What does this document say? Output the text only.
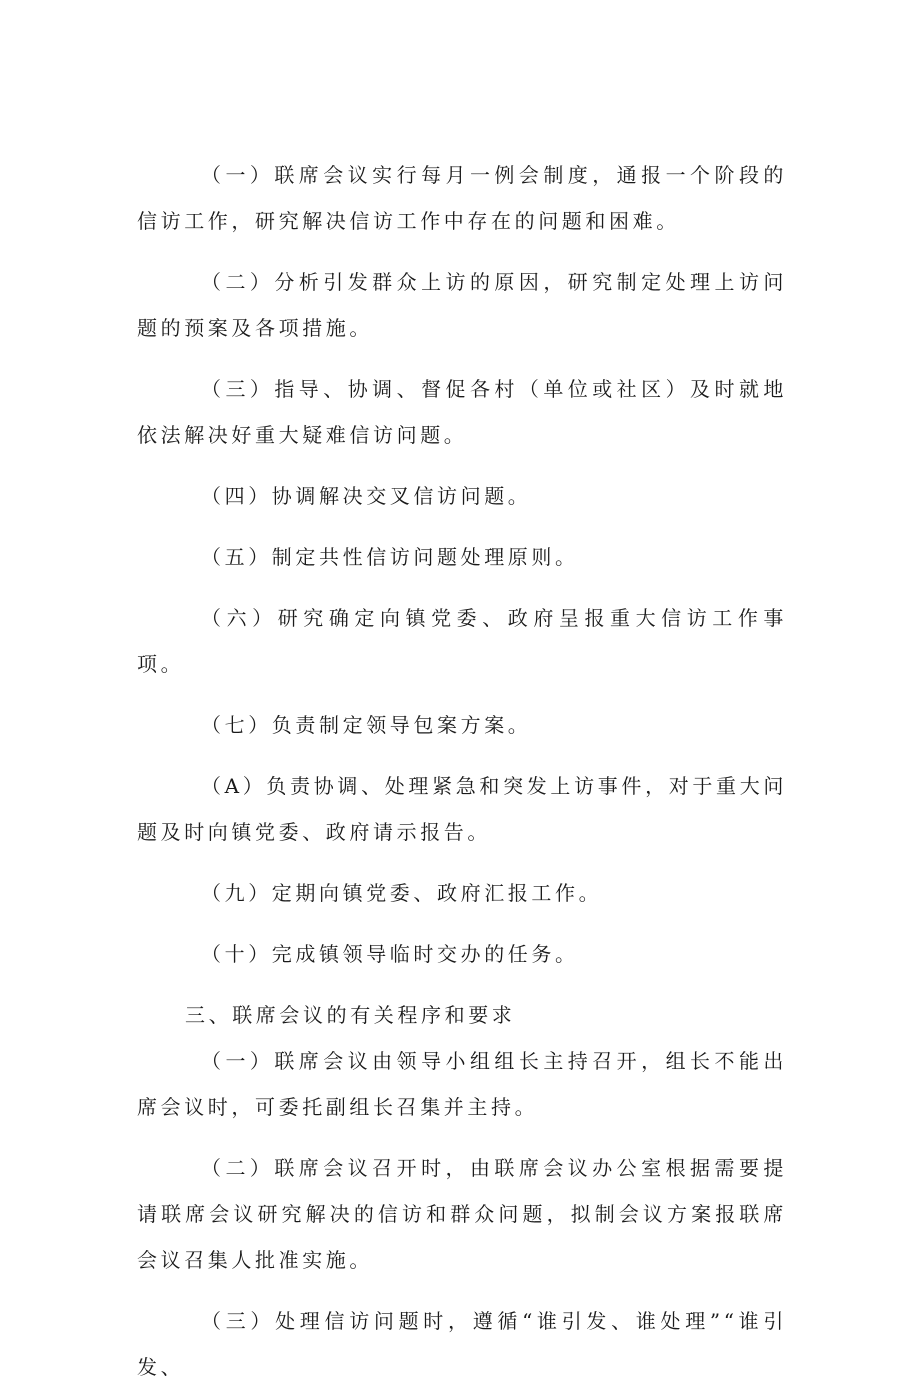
（一）联席会议实行每月一例会制度，通报一个阶段的信访工作，研究解决信访工作中存在的问题和困难。

（二）分析引发群众上访的原因，研究制定处理上访问题的预案及各项措施。

（三）指导、协调、督促各村（单位或社区）及时就地依法解决好重大疑难信访问题。

（四）协调解决交叉信访问题。

（五）制定共性信访问题处理原则。

（六）研究确定向镇党委、政府呈报重大信访工作事项。

（七）负责制定领导包案方案。

（A）负责协调、处理紧急和突发上访事件，对于重大问题及时向镇党委、政府请示报告。

（九）定期向镇党委、政府汇报工作。

（十）完成镇领导临时交办的任务。

三、联席会议的有关程序和要求

（一）联席会议由领导小组组长主持召开，组长不能出席会议时，可委托副组长召集并主持。

（二）联席会议召开时，由联席会议办公室根据需要提请联席会议研究解决的信访和群众问题，拟制会议方案报联席会议召集人批准实施。

（三）处理信访问题时，遵循“谁引发、谁处理”“谁引发、
